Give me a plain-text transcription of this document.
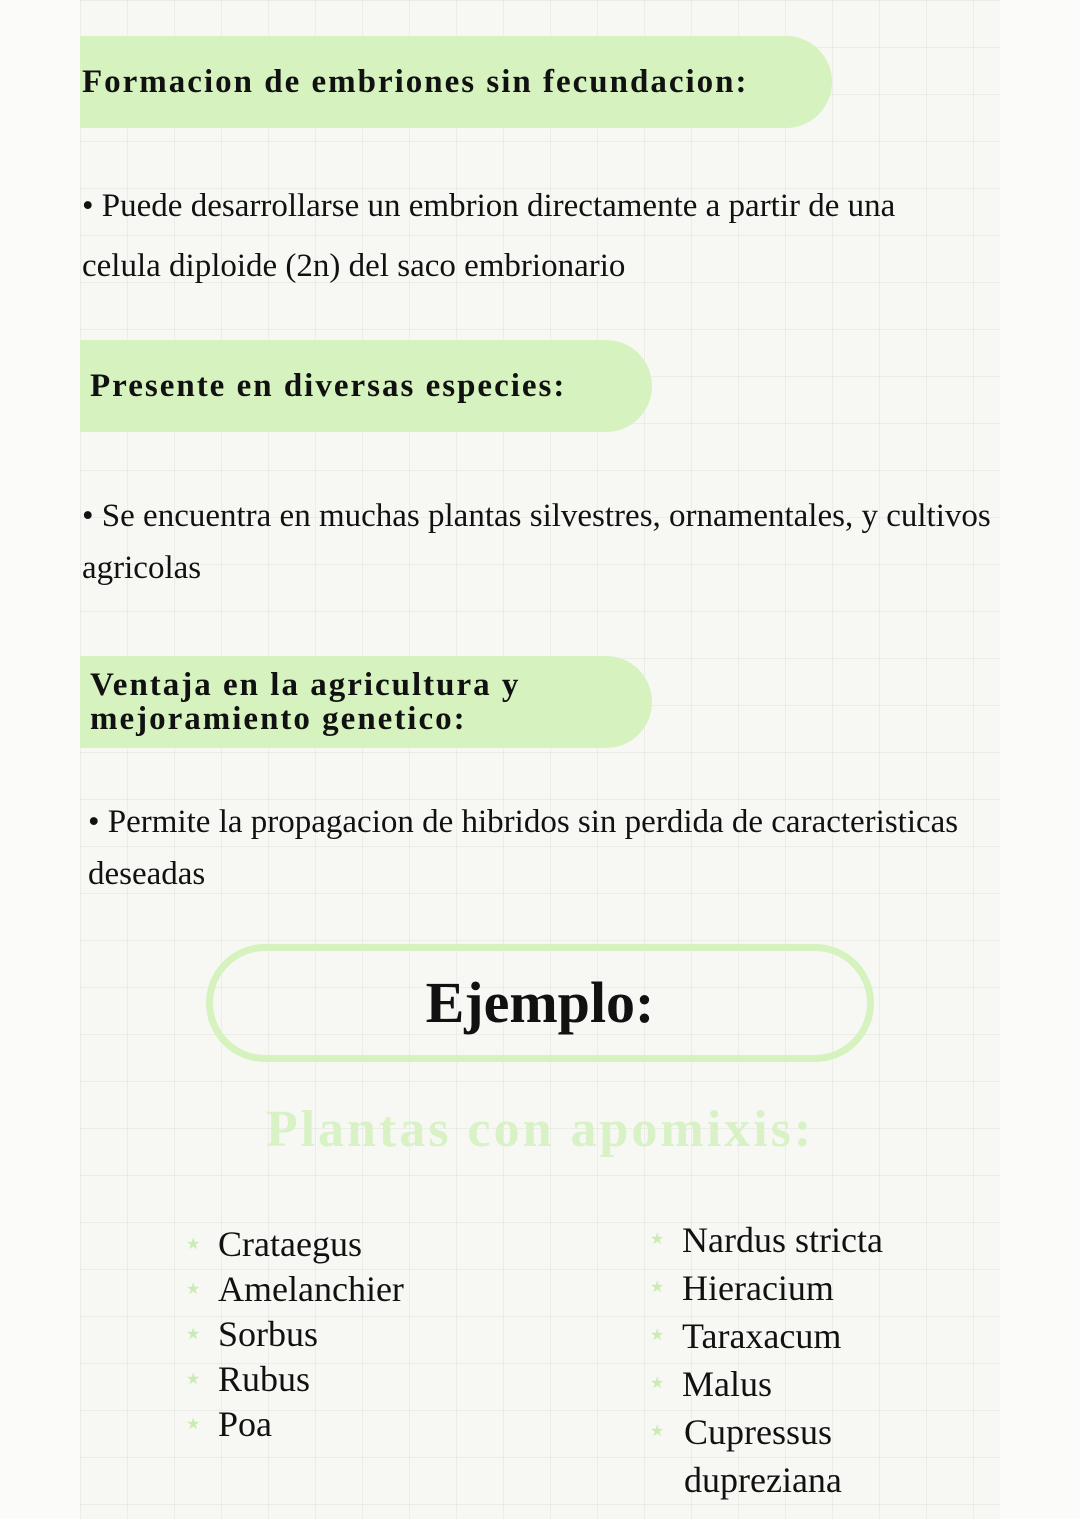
Formacion de embriones sin fecundacion:
• Puede desarrollarse un embrion directamente a partir de una celula diploide (2n) del saco embrionario
Presente en diversas especies:
• Se encuentra en muchas plantas silvestres, ornamentales, y cultivos agricolas
Ventaja en la agricultura y mejoramiento genetico:
• Permite la propagacion de hibridos sin perdida de caracteristicas deseadas
Ejemplo:
Plantas con apomixis:
★ Crataegus
★ Amelanchier
★ Sorbus
★ Rubus
★ Poa
★ Nardus stricta
★ Hieracium
★ Taraxacum
★ Malus
★ Cupressus dupreziana
